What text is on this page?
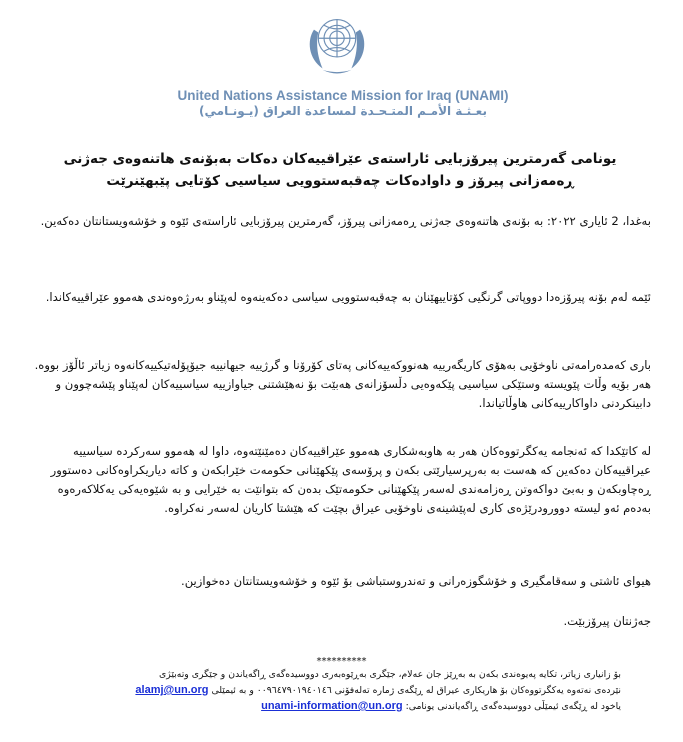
United Nations Assistance Mission for Iraq (UNAMI)
بعـثـة الأمـم المتـحـدة لمساعدة العراق (يـونـامي)
یونامی گەرمترین پیرۆزبایی ئاراستەی عێراقییەکان دەکات بەبۆنەی هاتنەوەی جەژنی
ڕەمەزانی پیرۆز و داوادەکات چەقبەستوویی سیاسیی کۆتایی پێبهێنرێت
بەغدا، 2 ئایاری ٢٠٢٢: بە بۆنەی هاتنەوەی جەژنی ڕەمەزانی پیرۆز، گەرمترین پیرۆزبایی ئاراستەی ئێوە و خۆشەویستانتان دەکەین.
ئێمە لەم بۆنە پیرۆزەدا دووپاتی گرنگیی کۆتاییهێنان بە چەقبەستوویی سیاسی دەکەینەوە لەپێناو بەرژەوەندی هەموو عێراقییەکاندا.
باری کەمدەرامەتی ناوخۆیی بەهۆی کاریگەرییە هەنووکەییەکانی پەتای کۆرۆنا و گرژییە جیهانییە جیۆپۆلەتیکییەکانەوە زیاتر ئاڵۆز بووە. هەر بۆیە وڵات پێویستە وستێکی سیاسیی پێکەوەیی دڵسۆزانەی هەبێت بۆ نەهێشتنی جیاوازییە سیاسییەکان لەپێناو پێشەچوون و دابینکردنی داواکارییەکانی هاوڵاتیاندا.
لە کاتێکدا کە ئەنجامە یەکگرتووەکان هەر بە هاوبەشکاری هەموو عێراقییەکان دەمێنێتەوە، داوا لە هەموو سەرکردە سیاسییە عیراقییەکان دەکەین کە هەست بە بەرپرسیارێتی بکەن و پرۆسەی پێکهێنانی حکومەت خێرابکەن و کاتە دیاریکراوەکانی دەستوور ڕەچاوبکەن و بەبێ دواکەوتن ڕەزامەندی لەسەر پێکهێنانی حکومەتێک بدەن کە بتوانێت بە خێرایی و بە شێوەیەکی یەکلاکەرەوە بەدەم ئەو لیستە دوورودرێژەی کاری لەپێشینەی ناوخۆیی عیراق بچێت کە هێشتا کاریان لەسەر نەکراوە.
هیوای ئاشتی و سەقامگیری و خۆشگوزەرانی و تەندروستباشی بۆ ئێوە و خۆشەویستانتان دەخوازین.
جەژنتان پیرۆزبێت.
**********
بۆ زانیاری زیاتر، تکایە پەیوەندی بکەن بە بەڕێز جان عەلام، جێگری بەڕێوەبەری دووسیدەگەی ڕاگەیاندن و جێگری وتەبێژی
نێردەی نەتەوە یەکگرتووەکان بۆ هاریکاری عیراق لە ڕێگەی ژمارە تەلەفۆنی ٠٠٩٦٤٧٩٠١٩٤٠١٤٦ و بە ئیمێلی alamj@un.org
یاخود لە ڕێگەی ئیمێڵی دووسیدەگەی ڕاگەیاندنی یونامی: unami-information@un.org
